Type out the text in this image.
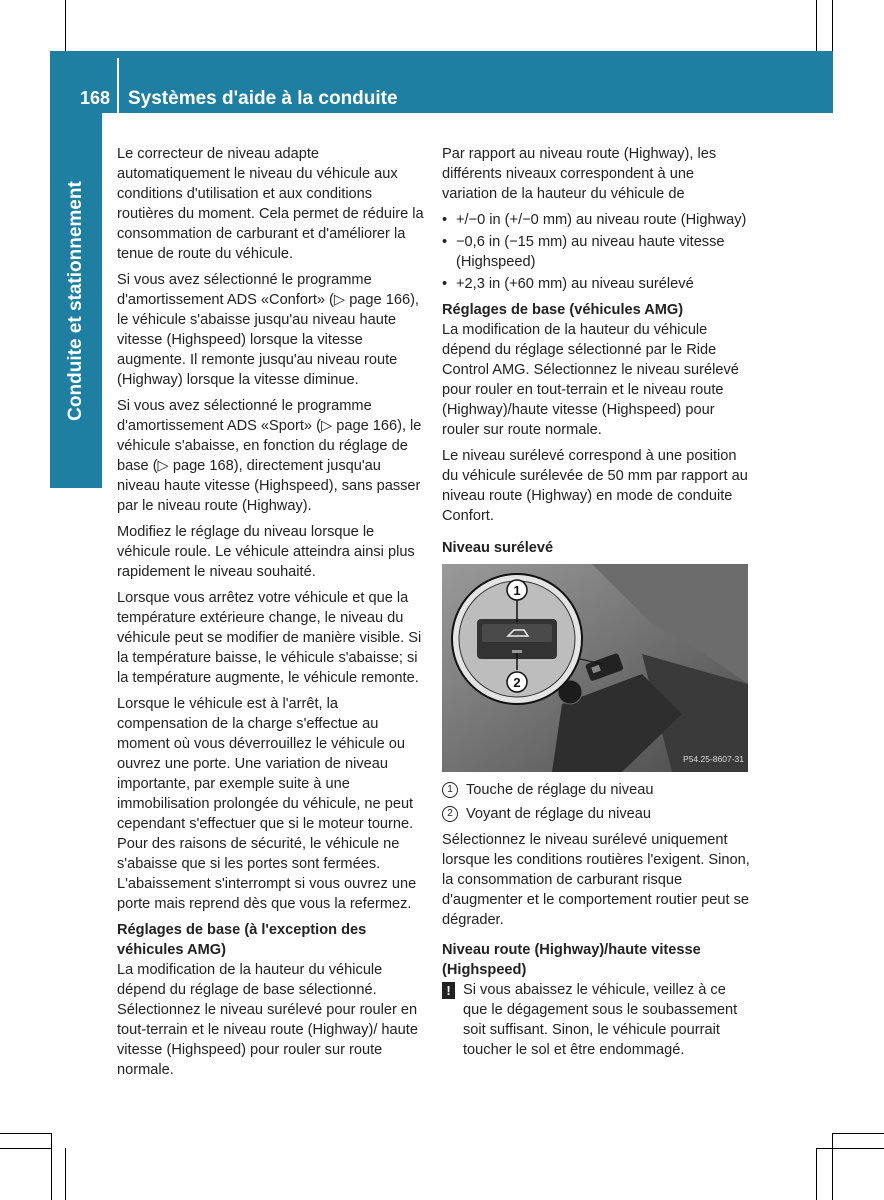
168 Systèmes d'aide à la conduite
Conduite et stationnement

Le correcteur de niveau adapte automatiquement le niveau du véhicule aux conditions d'utilisation et aux conditions routières du moment. Cela permet de réduire la consommation de carburant et d'améliorer la tenue de route du véhicule.

Si vous avez sélectionné le programme d'amortissement ADS «Confort» (▷ page 166), le véhicule s'abaisse jusqu'au niveau haute vitesse (Highspeed) lorsque la vitesse augmente. Il remonte jusqu'au niveau route (Highway) lorsque la vitesse diminue.

Si vous avez sélectionné le programme d'amortissement ADS «Sport» (▷ page 166), le véhicule s'abaisse, en fonction du réglage de base (▷ page 168), directement jusqu'au niveau haute vitesse (Highspeed), sans passer par le niveau route (Highway).

Modifiez le réglage du niveau lorsque le véhicule roule. Le véhicule atteindra ainsi plus rapidement le niveau souhaité.

Lorsque vous arrêtez votre véhicule et que la température extérieure change, le niveau du véhicule peut se modifier de manière visible. Si la température baisse, le véhicule s'abaisse; si la température augmente, le véhicule remonte.

Lorsque le véhicule est à l'arrêt, la compensation de la charge s'effectue au moment où vous déverrouillez le véhicule ou ouvrez une porte. Une variation de niveau importante, par exemple suite à une immobilisation prolongée du véhicule, ne peut cependant s'effectuer que si le moteur tourne. Pour des raisons de sécurité, le véhicule ne s'abaisse que si les portes sont fermées. L'abaissement s'interrompt si vous ouvrez une porte mais reprend dès que vous la refermez.

Réglages de base (à l'exception des véhicules AMG)

La modification de la hauteur du véhicule dépend du réglage de base sélectionné. Sélectionnez le niveau surélevé pour rouler en tout-terrain et le niveau route (Highway)/ haute vitesse (Highspeed) pour rouler sur route normale.

Par rapport au niveau route (Highway), les différents niveaux correspondent à une variation de la hauteur du véhicule de

• +/−0 in (+/−0 mm) au niveau route (Highway)
• −0,6 in (−15 mm) au niveau haute vitesse (Highspeed)
• +2,3 in (+60 mm) au niveau surélevé
Réglages de base (véhicules AMG)

La modification de la hauteur du véhicule dépend du réglage sélectionné par le Ride Control AMG. Sélectionnez le niveau surélevé pour rouler en tout-terrain et le niveau route (Highway)/haute vitesse (Highspeed) pour rouler sur route normale.

Le niveau surélevé correspond à une position du véhicule surélevée de 50 mm par rapport au niveau route (Highway) en mode de conduite Confort.

Niveau surélevé
1
2
P54.25-8607-31
1 Touche de réglage du niveau
2 Voyant de réglage du niveau

Sélectionnez le niveau surélevé uniquement lorsque les conditions routières l'exigent. Sinon, la consommation de carburant risque d'augmenter et le comportement routier peut se dégrader.

Niveau route (Highway)/haute vitesse (Highspeed)
! Si vous abaissez le véhicule, veillez à ce que le dégagement sous le soubassement soit suffisant. Sinon, le véhicule pourrait toucher le sol et être endommagé.
